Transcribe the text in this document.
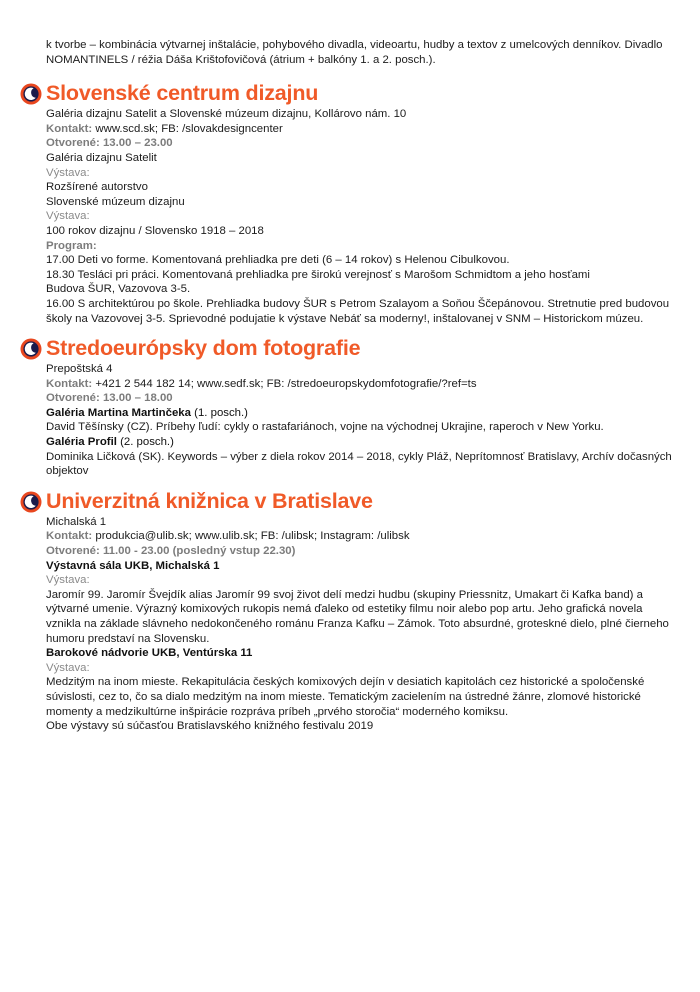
k tvorbe – kombinácia výtvarnej inštalácie, pohybového divadla, videoartu, hudby a textov z umelcových denníkov. Divadlo NOMANTINELS / réžia Dáša Krištofovičová (átrium + balkóny 1. a 2. posch.).

Slovenské centrum dizajnu
Galéria dizajnu Satelit a Slovenské múzeum dizajnu, Kollárovo nám. 10
Kontakt: www.scd.sk; FB: /slovakdesigncenter
Otvorené: 13.00 – 23.00
Galéria dizajnu Satelit
Výstava:
Rozšírené autorstvo
Slovenské múzeum dizajnu
Výstava:
100 rokov dizajnu / Slovensko 1918 – 2018
Program:
17.00 Deti vo forme. Komentovaná prehliadka pre deti (6 – 14 rokov) s Helenou Cibulkovou.
18.30 Tesláci pri práci. Komentovaná prehliadka pre širokú verejnosť s Marošom Schmidtom a jeho hosťami
Budova ŠUR, Vazovova 3-5.
16.00 S architektúrou po škole. Prehliadka budovy ŠUR s Petrom Szalayom a Soňou Ščepánovou. Stretnutie pred budovou školy na Vazovovej 3-5. Sprievodné podujatie k výstave Nebáť sa moderny!, inštalovanej v SNM – Historickom múzeu.
Stredoeurópsky dom fotografie
Prepoštská 4
Kontakt: +421 2 544 182 14; www.sedf.sk; FB: /stredoeuropskydomfotografie/?ref=ts
Otvorené: 13.00 – 18.00
Galéria Martina Martinčeka (1. posch.)
David Těšínsky (CZ). Príbehy ľudí: cykly o rastafariánoch, vojne na východnej Ukrajine, raperoch v New Yorku.
Galéria Profil (2. posch.)
Dominika Ličková (SK). Keywords – výber z diela rokov 2014 – 2018, cykly Pláž, Neprítomnosť Bratislavy, Archív dočasných objektov
Univerzitná knižnica v Bratislave
Michalská 1
Kontakt: produkcia@ulib.sk; www.ulib.sk; FB: /ulibsk; Instagram: /ulibsk
Otvorené: 11.00 - 23.00 (posledný vstup 22.30)
Výstavná sála UKB, Michalská 1
Výstava:
Jaromír 99. Jaromír Švejdík alias Jaromír 99 svoj život delí medzi hudbu (skupiny Priessnitz, Umakart či Kafka band) a výtvarné umenie. Výrazný komixových rukopis nemá ďaleko od estetiky filmu noir alebo pop artu. Jeho grafická novela vznikla na základe slávneho nedokončeného románu Franza Kafku – Zámok. Toto absurdné, groteskné dielo, plné čierneho humoru predstaví na Slovensku.
Barokové nádvorie UKB, Ventúrska 11
Výstava:
Medzitým na inom mieste. Rekapitulácia českých komixových dejín v desiatich kapitolách cez historické a spoločenské súvislosti, cez to, čo sa dialo medzitým na inom mieste. Tematickým zacielením na ústredné žánre, zlomové historické momenty a medzikultúrne inšpirácie rozpráva príbeh „prvého storočia“ moderného komiksu.
Obe výstavy sú súčasťou Bratislavského knižného festivalu 2019
